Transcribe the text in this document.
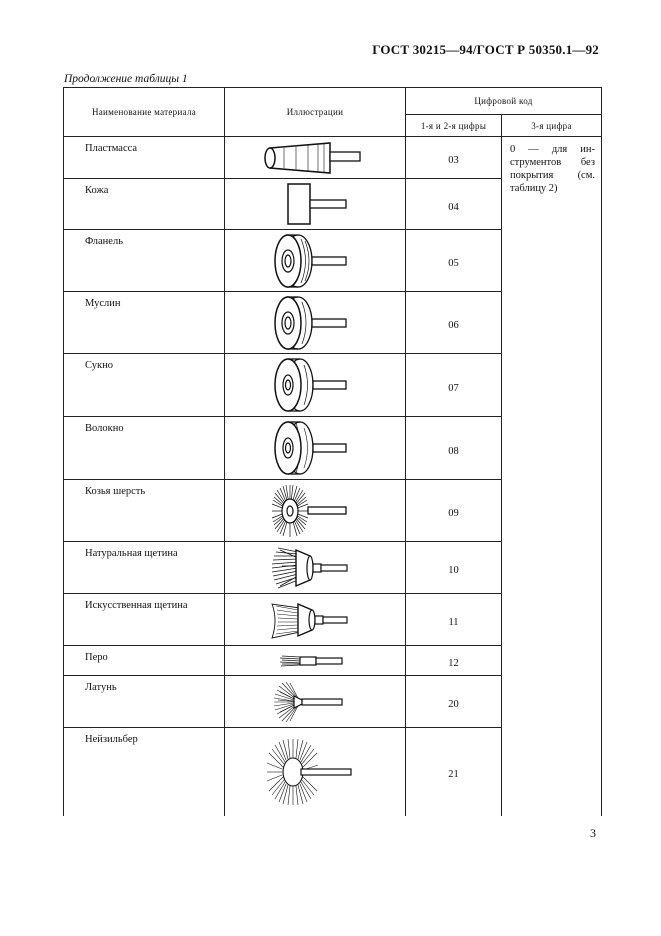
ГОСТ 30215—94/ГОСТ Р 50350.1—92
Продолжение таблицы 1
Наименование материала	Иллюстрации	Цифровой код	
		1-я и 2-я цифры	3-я цифра
Пластмасса		03	0 — для ин-
струментов без покрытия (см. таблицу 2)
Кожа		04	
Фланель		05	
Муслин		06	
Сукно		07	
Волокно		08	
Козья шерсть		09	
Натуральная щетина		10	
Искусственная щетина		11	
Перо		12	
Латунь		20	
Нейзильбер		21	
3
